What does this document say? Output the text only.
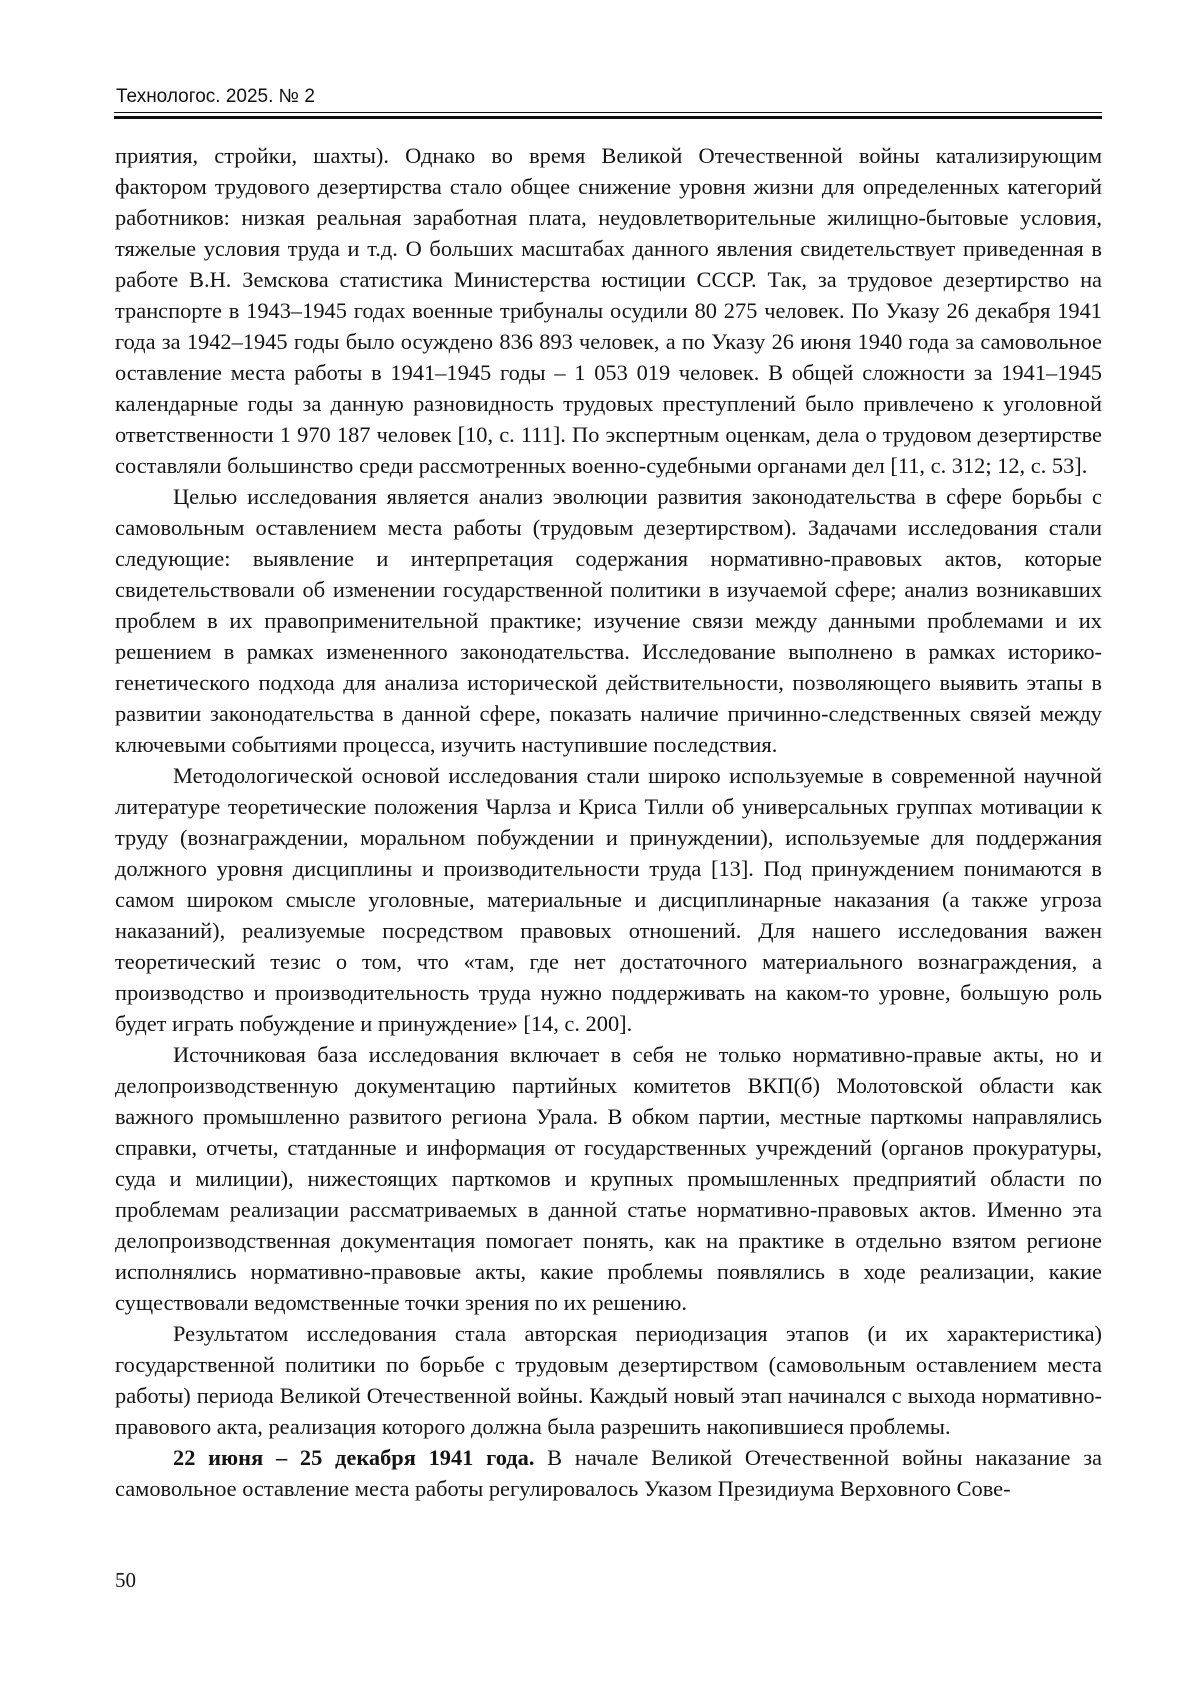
Технологос. 2025. № 2

приятия, стройки, шахты). Однако во время Великой Отечественной войны катализирующим фактором трудового дезертирства стало общее снижение уровня жизни для определенных категорий работников: низкая реальная заработная плата, неудовлетворительные жилищно-бытовые условия, тяжелые условия труда и т.д. О больших масштабах данного явления свидетельствует приведенная в работе В.Н. Земскова статистика Министерства юстиции СССР. Так, за трудовое дезертирство на транспорте в 1943–1945 годах военные трибуналы осудили 80 275 человек. По Указу 26 декабря 1941 года за 1942–1945 годы было осуждено 836 893 человек, а по Указу 26 июня 1940 года за самовольное оставление места работы в 1941–1945 годы – 1 053 019 человек. В общей сложности за 1941–1945 календарные годы за данную разновидность трудовых преступлений было привлечено к уголовной ответственности 1 970 187 человек [10, с. 111]. По экспертным оценкам, дела о трудовом дезертирстве составляли большинство среди рассмотренных военно-судебными органами дел [11, с. 312; 12, с. 53].

Целью исследования является анализ эволюции развития законодательства в сфере борьбы с самовольным оставлением места работы (трудовым дезертирством). Задачами исследования стали следующие: выявление и интерпретация содержания нормативно-правовых актов, которые свидетельствовали об изменении государственной политики в изучаемой сфере; анализ возникавших проблем в их правоприменительной практике; изучение связи между данными проблемами и их решением в рамках измененного законодательства. Исследование выполнено в рамках историко-генетического подхода для анализа исторической действительности, позволяющего выявить этапы в развитии законодательства в данной сфере, показать наличие причинно-следственных связей между ключевыми событиями процесса, изучить наступившие последствия.

Методологической основой исследования стали широко используемые в современной научной литературе теоретические положения Чарлза и Криса Тилли об универсальных группах мотивации к труду (вознаграждении, моральном побуждении и принуждении), используемые для поддержания должного уровня дисциплины и производительности труда [13]. Под принуждением понимаются в самом широком смысле уголовные, материальные и дисциплинарные наказания (а также угроза наказаний), реализуемые посредством правовых отношений. Для нашего исследования важен теоретический тезис о том, что «там, где нет достаточного материального вознаграждения, а производство и производительность труда нужно поддерживать на каком-то уровне, большую роль будет играть побуждение и принуждение» [14, с. 200].

Источниковая база исследования включает в себя не только нормативно-правые акты, но и делопроизводственную документацию партийных комитетов ВКП(б) Молотовской области как важного промышленно развитого региона Урала. В обком партии, местные парткомы направлялись справки, отчеты, статданные и информация от государственных учреждений (органов прокуратуры, суда и милиции), нижестоящих парткомов и крупных промышленных предприятий области по проблемам реализации рассматриваемых в данной статье нормативно-правовых актов. Именно эта делопроизводственная документация помогает понять, как на практике в отдельно взятом регионе исполнялись нормативно-правовые акты, какие проблемы появлялись в ходе реализации, какие существовали ведомственные точки зрения по их решению.

Результатом исследования стала авторская периодизация этапов (и их характеристика) государственной политики по борьбе с трудовым дезертирством (самовольным оставлением места работы) периода Великой Отечественной войны. Каждый новый этап начинался с выхода нормативно-правового акта, реализация которого должна была разрешить накопившиеся проблемы.

22 июня – 25 декабря 1941 года. В начале Великой Отечественной войны наказание за самовольное оставление места работы регулировалось Указом Президиума Верховного Сове-

50
